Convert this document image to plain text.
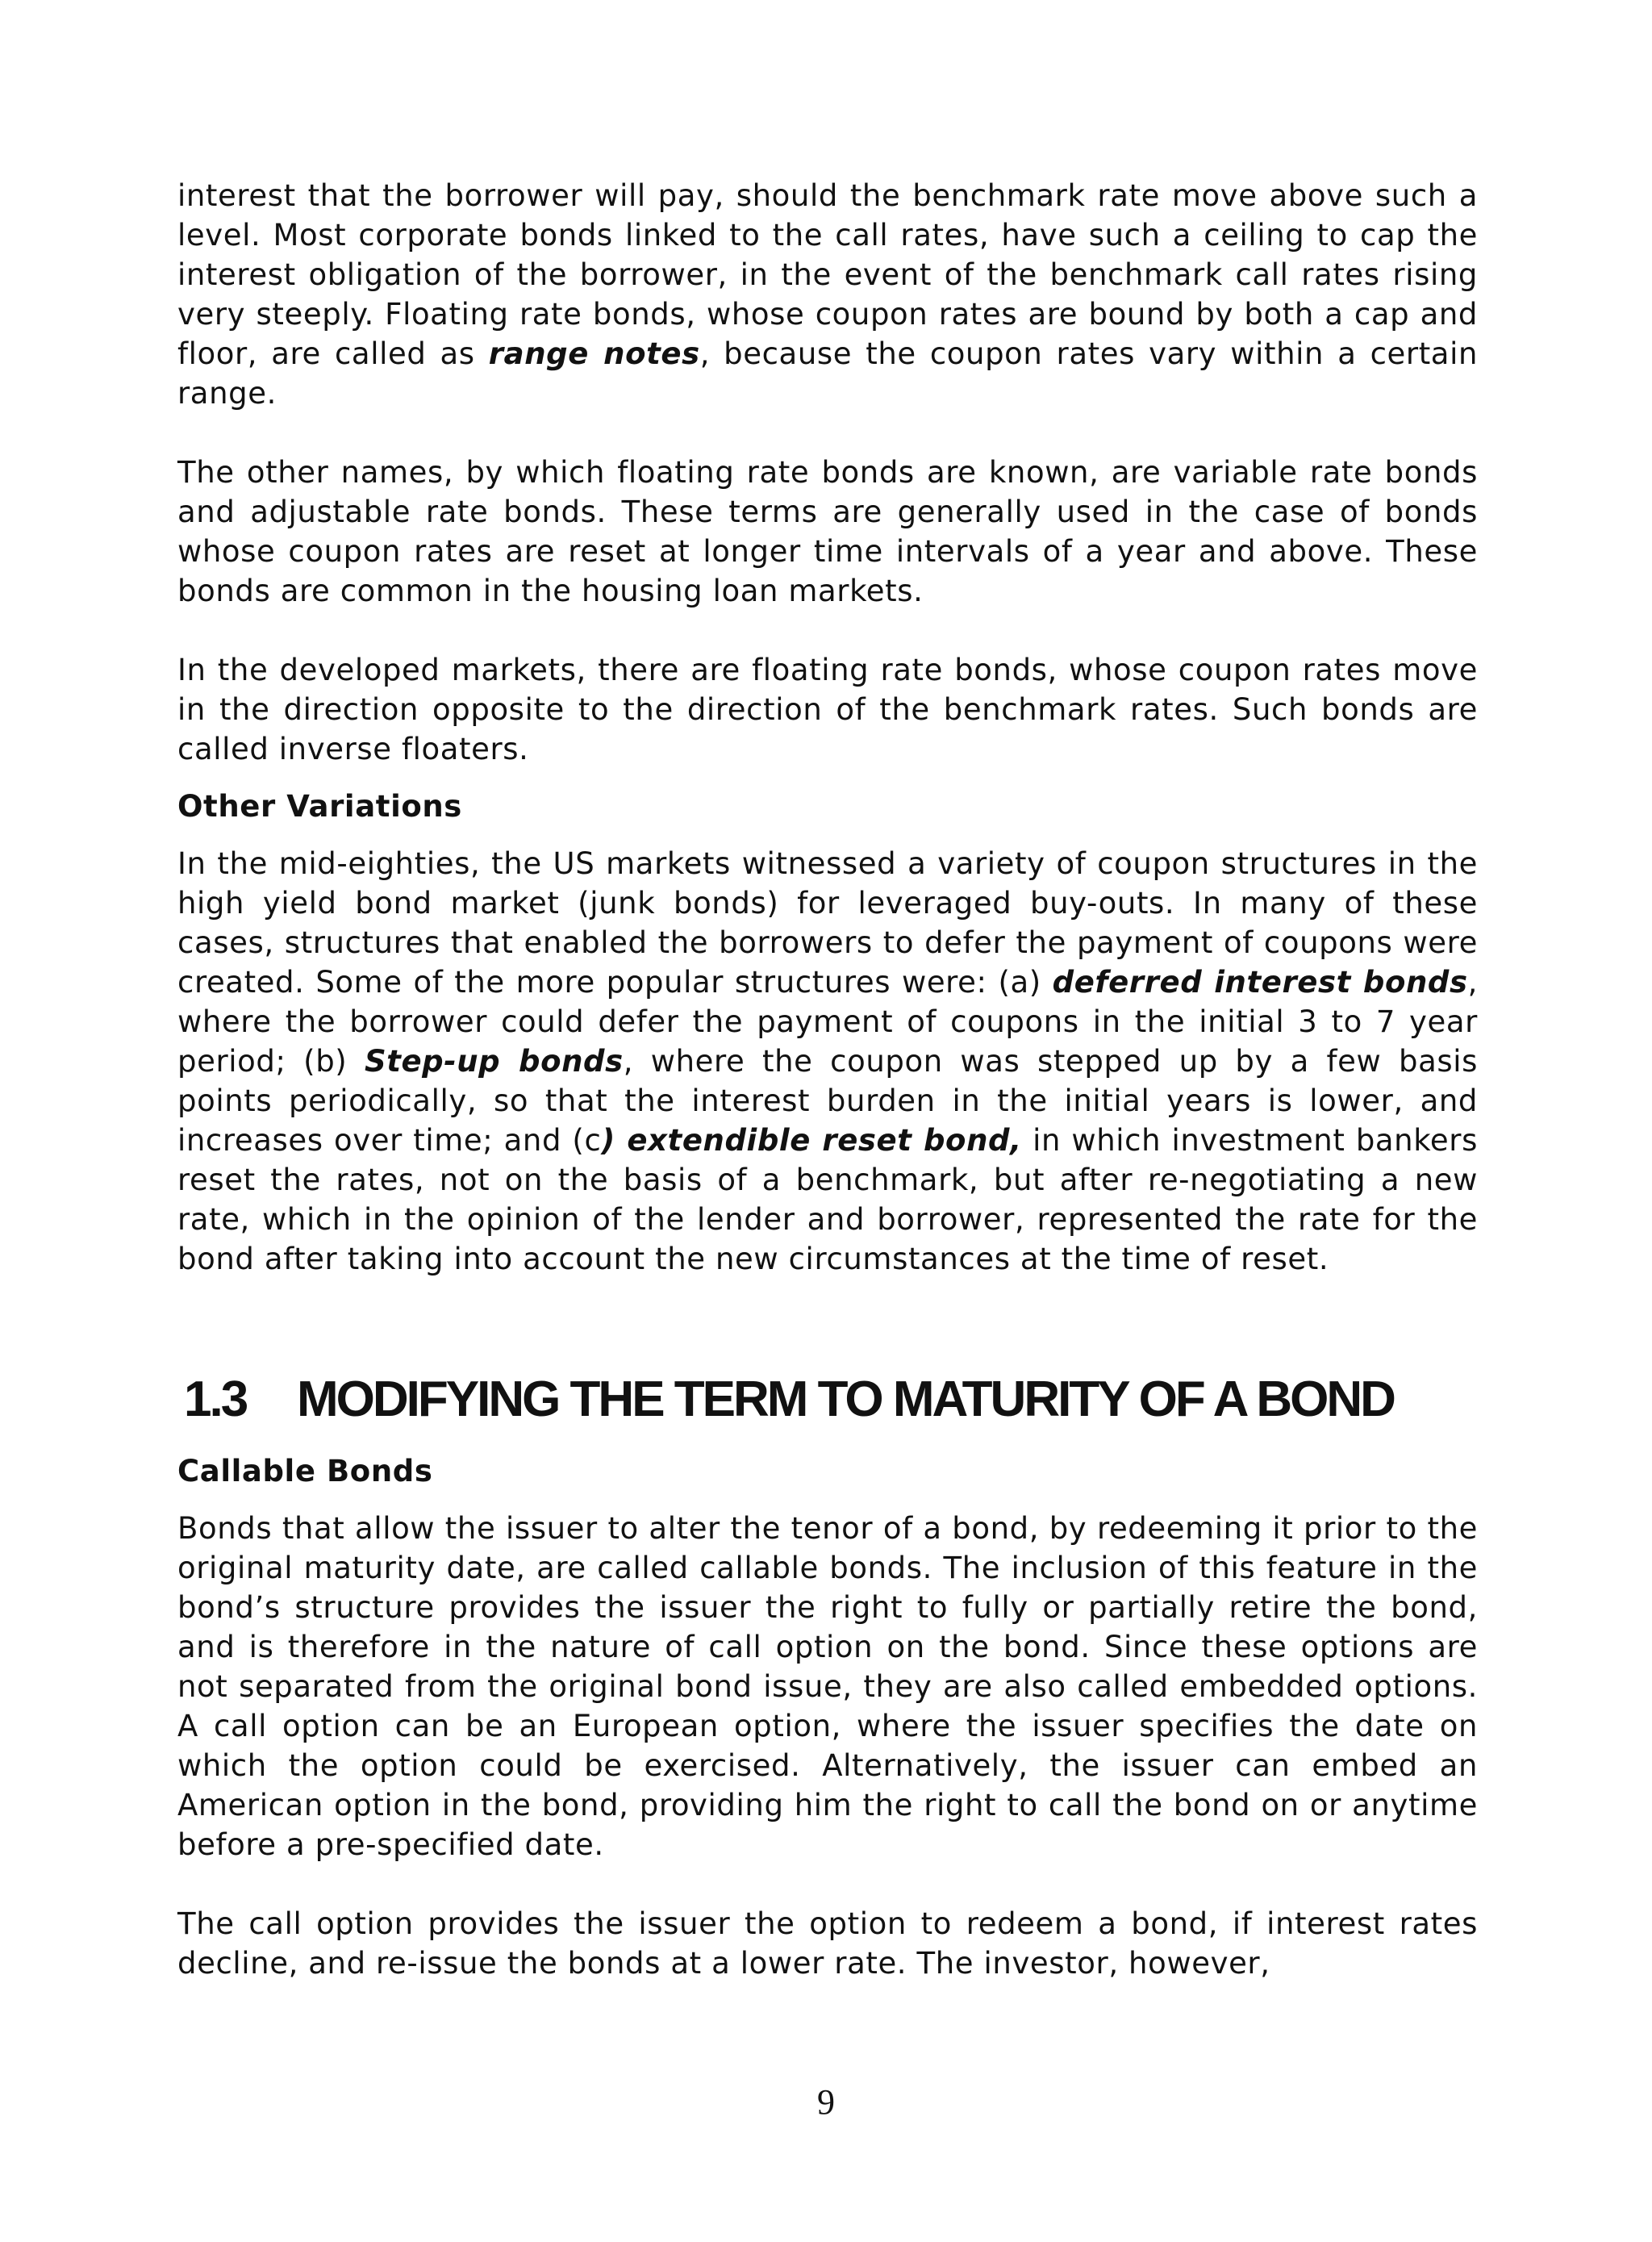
interest that the borrower will pay, should the benchmark rate move above such a level. Most corporate bonds linked to the call rates, have such a ceiling to cap the interest obligation of the borrower, in the event of the benchmark call rates rising very steeply. Floating rate bonds, whose coupon rates are bound by both a cap and floor, are called as range notes, because the coupon rates vary within a certain range.

The other names, by which floating rate bonds are known, are variable rate bonds and adjustable rate bonds. These terms are generally used in the case of bonds whose coupon rates are reset at longer time intervals of a year and above. These bonds are common in the housing loan markets.

In the developed markets, there are floating rate bonds, whose coupon rates move in the direction opposite to the direction of the benchmark rates. Such bonds are called inverse floaters.

Other Variations

In the mid-eighties, the US markets witnessed a variety of coupon structures in the high yield bond market (junk bonds) for leveraged buy-outs. In many of these cases, structures that enabled the borrowers to defer the payment of coupons were created. Some of the more popular structures were: (a) deferred interest bonds, where the borrower could defer the payment of coupons in the initial 3 to 7 year period; (b) Step-up bonds, where the coupon was stepped up by a few basis points periodically, so that the interest burden in the initial years is lower, and increases over time; and (c) extendible reset bond, in which investment bankers reset the rates, not on the basis of a benchmark, but after re-negotiating a new rate, which in the opinion of the lender and borrower, represented the rate for the bond after taking into account the new circumstances at the time of reset.

1.3 MODIFYING THE TERM TO MATURITY OF A BOND
Callable Bonds

Bonds that allow the issuer to alter the tenor of a bond, by redeeming it prior to the original maturity date, are called callable bonds. The inclusion of this feature in the bond’s structure provides the issuer the right to fully or partially retire the bond, and is therefore in the nature of call option on the bond. Since these options are not separated from the original bond issue, they are also called embedded options. A call option can be an European option, where the issuer specifies the date on which the option could be exercised. Alternatively, the issuer can embed an American option in the bond, providing him the right to call the bond on or anytime before a pre-specified date.

The call option provides the issuer the option to redeem a bond, if interest rates decline, and re-issue the bonds at a lower rate. The investor, however,

9
